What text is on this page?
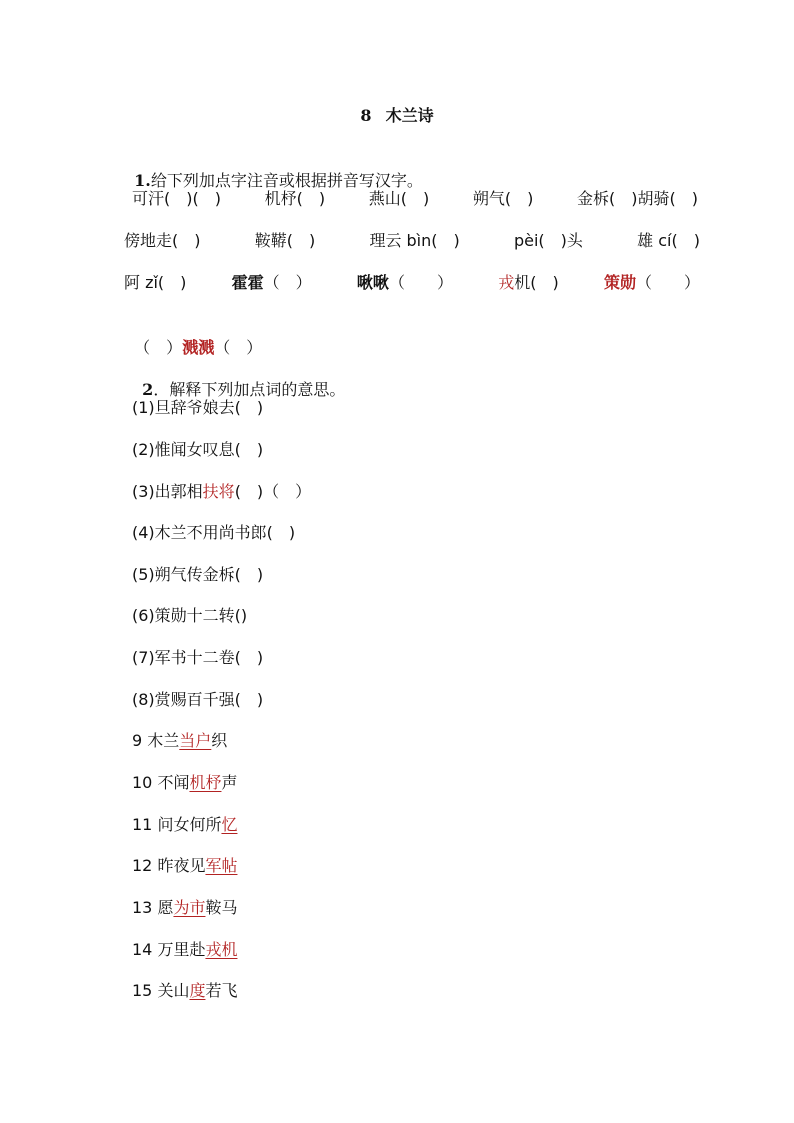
8 木兰诗

1.给下列加点字注音或根据拼音写汉字。

可汗(　)(　)	机杼(　)	燕山(　)	朔气(　)	金柝(　)胡骑(　)
傍地走(　)	鞍鞯(　)	理云 bìn(　)	pèi(　)头	雄 cí(　)
阿 zǐ(　)	霍霍（　）	啾啾（　　）	戎机(　)	策勋（　　）

（　）溅溅（　）

2．解释下列加点词的意思。

(1)旦辞爷娘去(　)
(2)惟闻女叹息(　)
(3)出郭相扶将(　)（　）
(4)木兰不用尚书郎(　)
(5)朔气传金柝(　)
(6)策勋十二转()
(7)军书十二卷(　)
(8)赏赐百千强(　)
9 木兰当户织
10 不闻机杼声
11 问女何所忆
12 昨夜见军帖
13 愿为市鞍马
14 万里赴戎机
15 关山度若飞
